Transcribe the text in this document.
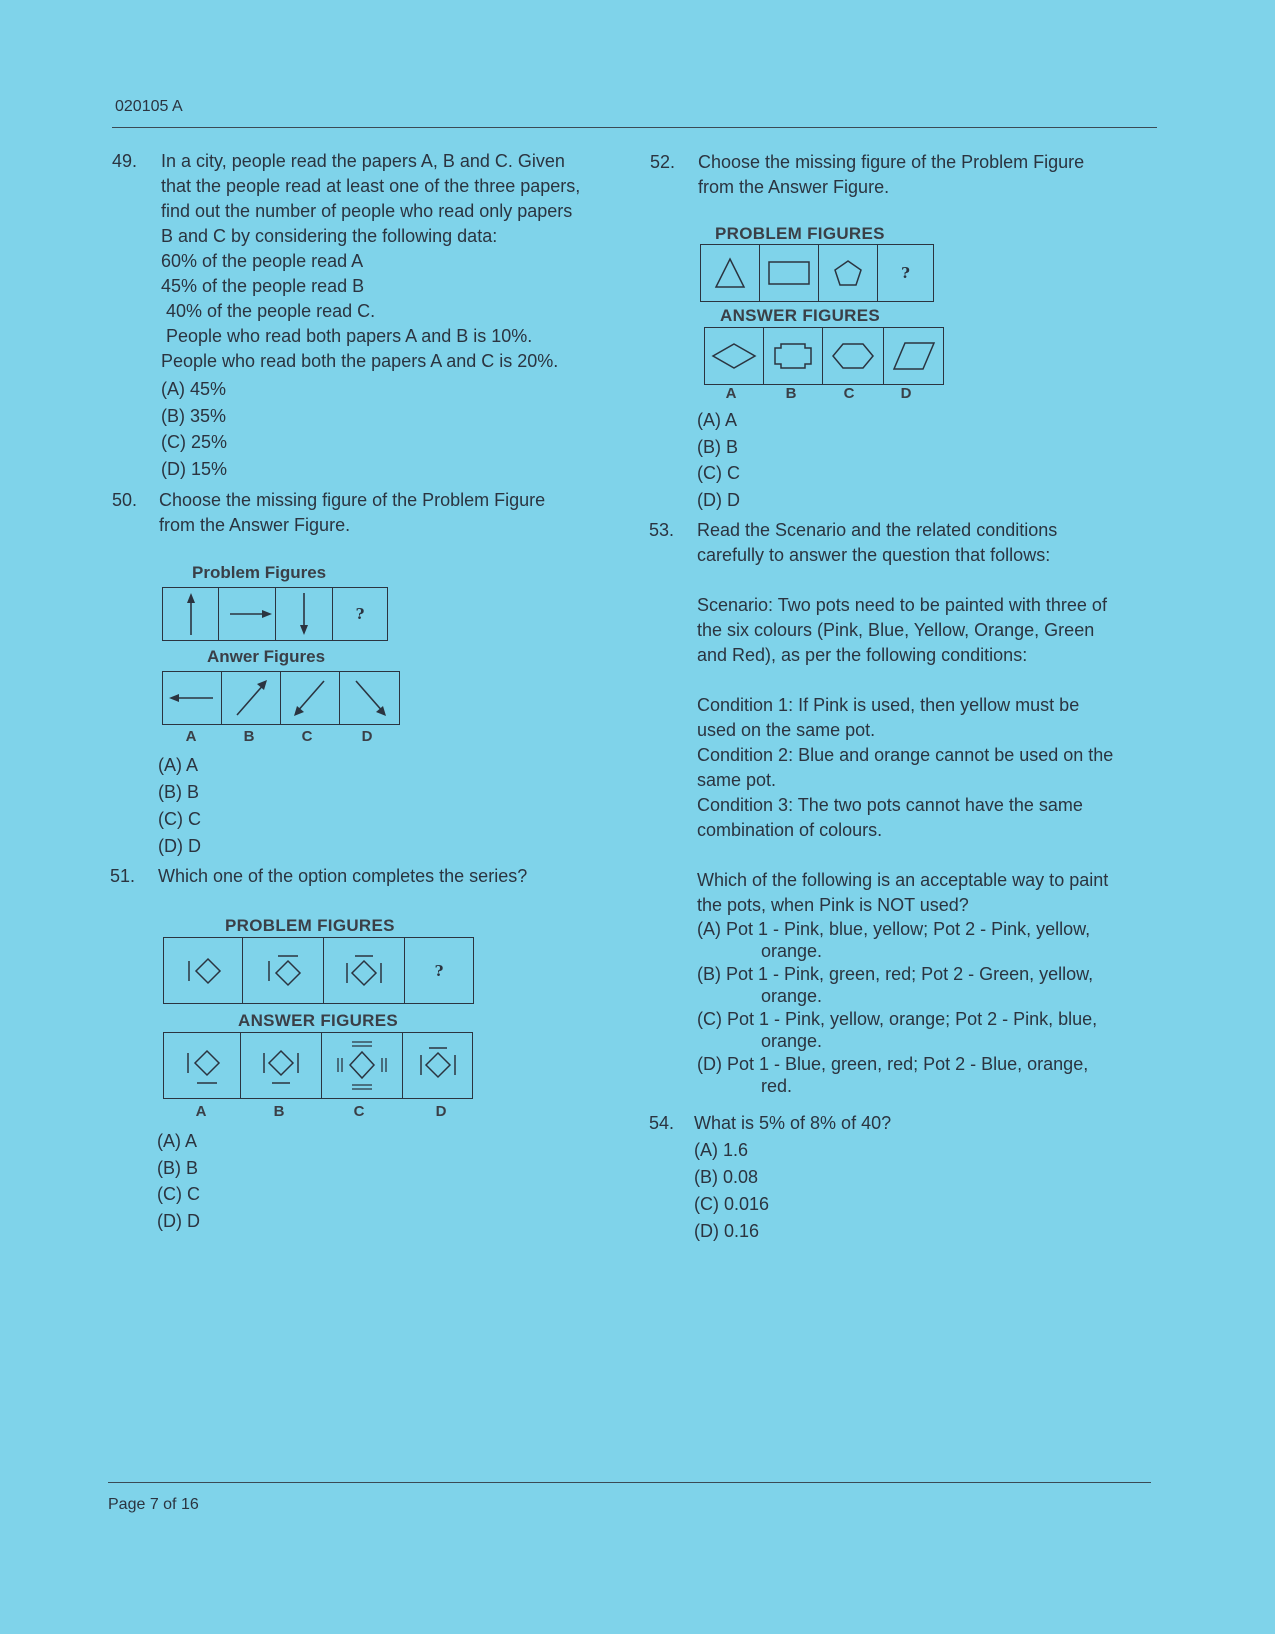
020105 A
49. In a city, people read the papers A, B and C. Given
that the people read at least one of the three papers,
find out the number of people who read only papers
B and C by considering the following data:
60% of the people read A
45% of the people read B
40% of the people read C.
People who read both papers A and B is 10%.
People who read both the papers A and C is 20%.
(A) 45%
(B) 35%
(C) 25%
(D) 15%
50. Choose the missing figure of the Problem Figure
from the Answer Figure.
Problem Figures
?
Anwer Figures
A	B	C	D
(A) A
(B) B
(C) C
(D) D
51. Which one of the option completes the series?
PROBLEM FIGURES
?
ANSWER FIGURES
A	B	C	D
(A) A
(B) B
(C) C
(D) D
52. Choose the missing figure of the Problem Figure
from the Answer Figure.
PROBLEM FIGURES
?
ANSWER FIGURES
A	B	C	D
(A) A
(B) B
(C) C
(D) D
53. Read the Scenario and the related conditions
carefully to answer the question that follows:
Scenario: Two pots need to be painted with three of
the six colours (Pink, Blue, Yellow, Orange, Green
and Red), as per the following conditions:
Condition 1: If Pink is used, then yellow must be
used on the same pot.
Condition 2: Blue and orange cannot be used on the
same pot.
Condition 3: The two pots cannot have the same
combination of colours.
Which of the following is an acceptable way to paint
the pots, when Pink is NOT used?
(A) Pot 1 - Pink, blue, yellow; Pot 2 - Pink, yellow,
orange.
(B) Pot 1 - Pink, green, red; Pot 2 - Green, yellow,
orange.
(C) Pot 1 - Pink, yellow, orange; Pot 2 - Pink, blue,
orange.
(D) Pot 1 - Blue, green, red; Pot 2 - Blue, orange,
red.
54. What is 5% of 8% of 40?
(A) 1.6
(B) 0.08
(C) 0.016
(D) 0.16
Page 7 of 16
